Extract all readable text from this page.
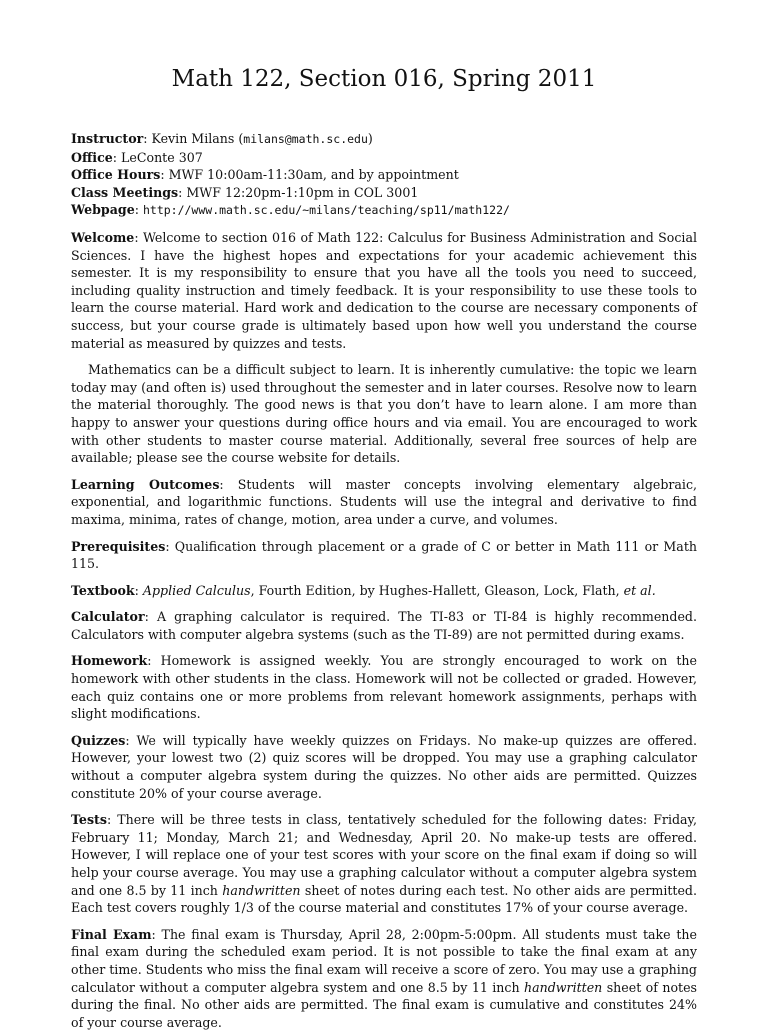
Math 122, Section 016, Spring 2011
Instructor: Kevin Milans (milans@math.sc.edu)
Office: LeConte 307
Office Hours: MWF 10:00am-11:30am, and by appointment
Class Meetings: MWF 12:20pm-1:10pm in COL 3001
Webpage: http://www.math.sc.edu/~milans/teaching/sp11/math122/

Welcome: Welcome to section 016 of Math 122: Calculus for Business Administration and Social Sciences. I have the highest hopes and expectations for your academic achievement this semester. It is my responsibility to ensure that you have all the tools you need to succeed, including quality instruction and timely feedback. It is your responsibility to use these tools to learn the course material. Hard work and dedication to the course are necessary components of success, but your course grade is ultimately based upon how well you understand the course material as measured by quizzes and tests.

Mathematics can be a difficult subject to learn. It is inherently cumulative: the topic we learn today may (and often is) used throughout the semester and in later courses. Resolve now to learn the material thoroughly. The good news is that you don’t have to learn alone. I am more than happy to answer your questions during office hours and via email. You are encouraged to work with other students to master course material. Additionally, several free sources of help are available; please see the course website for details.

Learning Outcomes: Students will master concepts involving elementary algebraic, exponential, and logarithmic functions. Students will use the integral and derivative to find maxima, minima, rates of change, motion, area under a curve, and volumes.

Prerequisites: Qualification through placement or a grade of C or better in Math 111 or Math 115.

Textbook: Applied Calculus, Fourth Edition, by Hughes-Hallett, Gleason, Lock, Flath, et al.

Calculator: A graphing calculator is required. The TI-83 or TI-84 is highly recommended. Calculators with computer algebra systems (such as the TI-89) are not permitted during exams.

Homework: Homework is assigned weekly. You are strongly encouraged to work on the homework with other students in the class. Homework will not be collected or graded. However, each quiz contains one or more problems from relevant homework assignments, perhaps with slight modifications.

Quizzes: We will typically have weekly quizzes on Fridays. No make-up quizzes are offered. However, your lowest two (2) quiz scores will be dropped. You may use a graphing calculator without a computer algebra system during the quizzes. No other aids are permitted. Quizzes constitute 20% of your course average.

Tests: There will be three tests in class, tentatively scheduled for the following dates: Friday, February 11; Monday, March 21; and Wednesday, April 20. No make-up tests are offered. However, I will replace one of your test scores with your score on the final exam if doing so will help your course average. You may use a graphing calculator without a computer algebra system and one 8.5 by 11 inch handwritten sheet of notes during each test. No other aids are permitted. Each test covers roughly 1/3 of the course material and constitutes 17% of your course average.

Final Exam: The final exam is Thursday, April 28, 2:00pm-5:00pm. All students must take the final exam during the scheduled exam period. It is not possible to take the final exam at any other time. Students who miss the final exam will receive a score of zero. You may use a graphing calculator without a computer algebra system and one 8.5 by 11 inch handwritten sheet of notes during the final. No other aids are permitted. The final exam is cumulative and constitutes 24% of your course average.
